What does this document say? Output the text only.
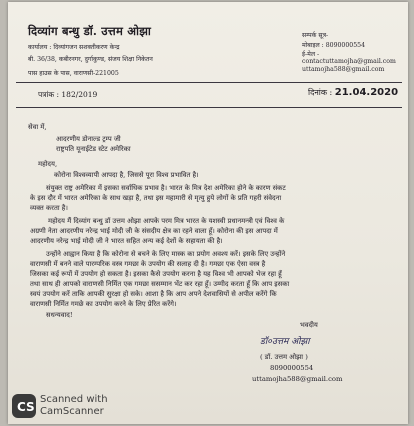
दिव्यांग बन्धु डॉ. उत्तम ओझा
कार्यालय : दिव्यांगजन सशक्तीकरण केन्द्र
बी. 36/38, कबीरनगर, दुर्गाकुण्ड, संजय शिक्षा निकेतन
पास हाउस के पास, वाराणसी-221005
सम्पर्क सूत्र-
मोबाइल : 8090000554
ई-मेल -
contactuttamojha@gmail.com
uttamojha588@gmail.com
पत्रांक : 182/2019	दिनांक : 21.04.2020
सेवा में,
आदरणीय डोनाल्ड ट्रम्प जी
राष्ट्रपति यूनाईटेड स्टेट अमेरिका
महोदय,
कोरोना विश्वव्यापी आपदा है, जिससे पूरा विश्व प्रभावित है।
संयुक्त राष्ट्र अमेरिका में इसका सर्वाधिक प्रभाव है। भारत के मित्र देश अमेरिका होने के कारण संकट
के इस दौर में भारत अमेरिका के साथ खड़ा है, तथा इस महामारी से मृत्यु हुये लोगों के प्रति गहरी संवेदना
व्यक्त करता है।
महोदय मैं दिव्यांग बन्धु डॉ उत्तम ओझा आपके परम मित्र भारत के यशस्वी प्रधानमन्त्री एवं विश्व के
अग्रणी नेता आदरणीय नरेन्द्र भाई मोदी जी के संसदीय क्षेत्र का रहने वाला हूँ। कोरोना की इस आपदा में
आदरणीय नरेन्द्र भाई मोदी जी ने भारत सहित अन्य कई देशों के सहायता की है।
उन्होंने आह्वान किया है कि कोरोना से बचने के लिए मास्क का प्रयोग अवश्य करें। इसके लिए उन्होंने
वाराणसी में बनने वाले पारम्परिक वस्त्र गमछा के उपयोग की सलाह दी है। गमछा एक ऐसा वस्त्र है
जिसका कई रूपों में उपयोग हो सकता है। इसका कैसे उपयोग करना है यह विश्व भी आपको भेज रहा हूँ
तथा साथ ही आपको वाराणसी निर्मित एक गमछा ससम्मान भेंट कर रहा हूँ। उम्मीद करता हूँ कि आप इसका
स्वयं उपयोग करें ताकि आपकी सुरक्षा हो सके। आशा है कि आप अपने देशवासियों से अपील करेंगे कि
वाराणसी निर्मित गमछे का उपयोग करने के लिए प्रेरित करेंगे।
सधन्यवाद!
भवदीय
डॉ०उत्तम ओझा
( डॉ. उत्तम ओझा )
8090000554
uttamojha588@gmail.com
CS
Scanned with
CamScanner
